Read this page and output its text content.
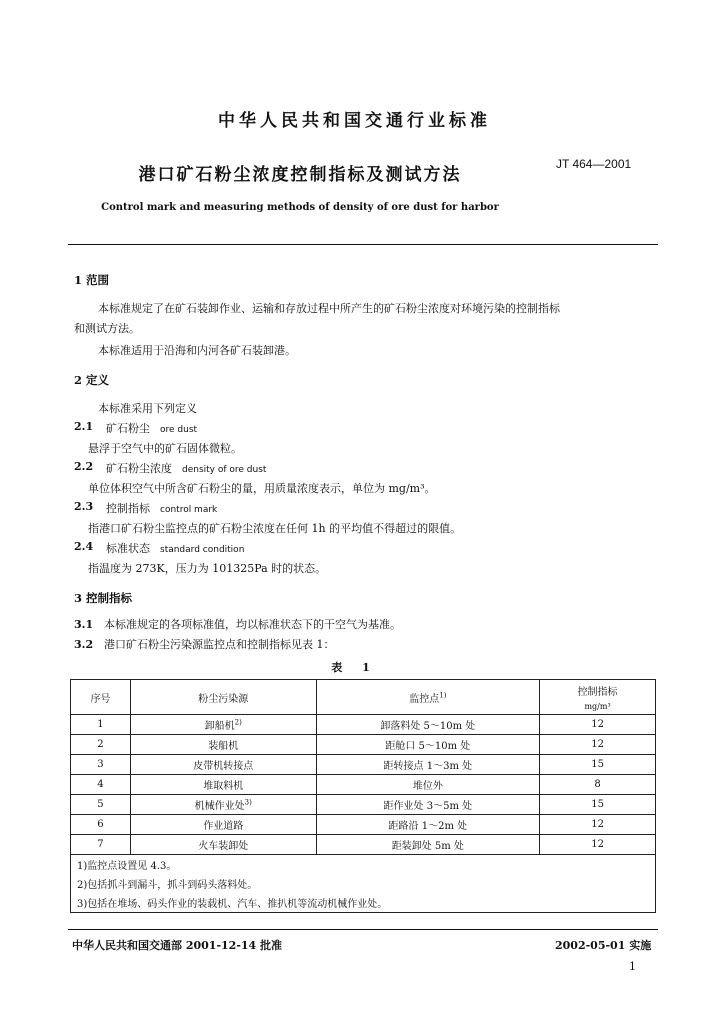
中华人民共和国交通行业标准
JT 464—2001
港口矿石粉尘浓度控制指标及测试方法
Control mark and measuring methods of density of ore dust for harbor
1 范围
本标准规定了在矿石装卸作业、运输和存放过程中所产生的矿石粉尘浓度对环境污染的控制指标
和测试方法。
本标准适用于沿海和内河各矿石装卸港。
2 定义
本标准采用下列定义
2.1 矿石粉尘 ore dust
悬浮于空气中的矿石固体微粒。
2.2 矿石粉尘浓度 density of ore dust
单位体积空气中所含矿石粉尘的量，用质量浓度表示，单位为 mg/m³。
2.3 控制指标 control mark
指港口矿石粉尘监控点的矿石粉尘浓度在任何 1h 的平均值不得超过的限值。
2.4 标准状态 standard condition
指温度为 273K，压力为 101325Pa 时的状态。
3 控制指标
3.1 本标准规定的各项标准值，均以标准状态下的干空气为基准。
3.2 港口矿石粉尘污染源监控点和控制指标见表 1：
表 1
序号	粉尘污染源	监控点$^{1)}$	控制指标
mg/m³

1	卸船机$^{2)}$	卸落料处 5～10m 处	12
2	装船机	距舱口 5～10m 处	12
3	皮带机转接点	距转接点 1～3m 处	15
4	堆取料机	堆位外	8
5	机械作业处$^{3)}$	距作业处 3～5m 处	15
6	作业道路	距路沿 1～2m 处	12
7	火车装卸处	距装卸处 5m 处	12
1)监控点设置见 4.3。			
2)包括抓斗到漏斗，抓斗到码头落料处。			
3)包括在堆场、码头作业的装载机、汽车、推扒机等流动机械作业处。			
中华人民共和国交通部 2001-12-14 批准	2002-05-01 实施
1
